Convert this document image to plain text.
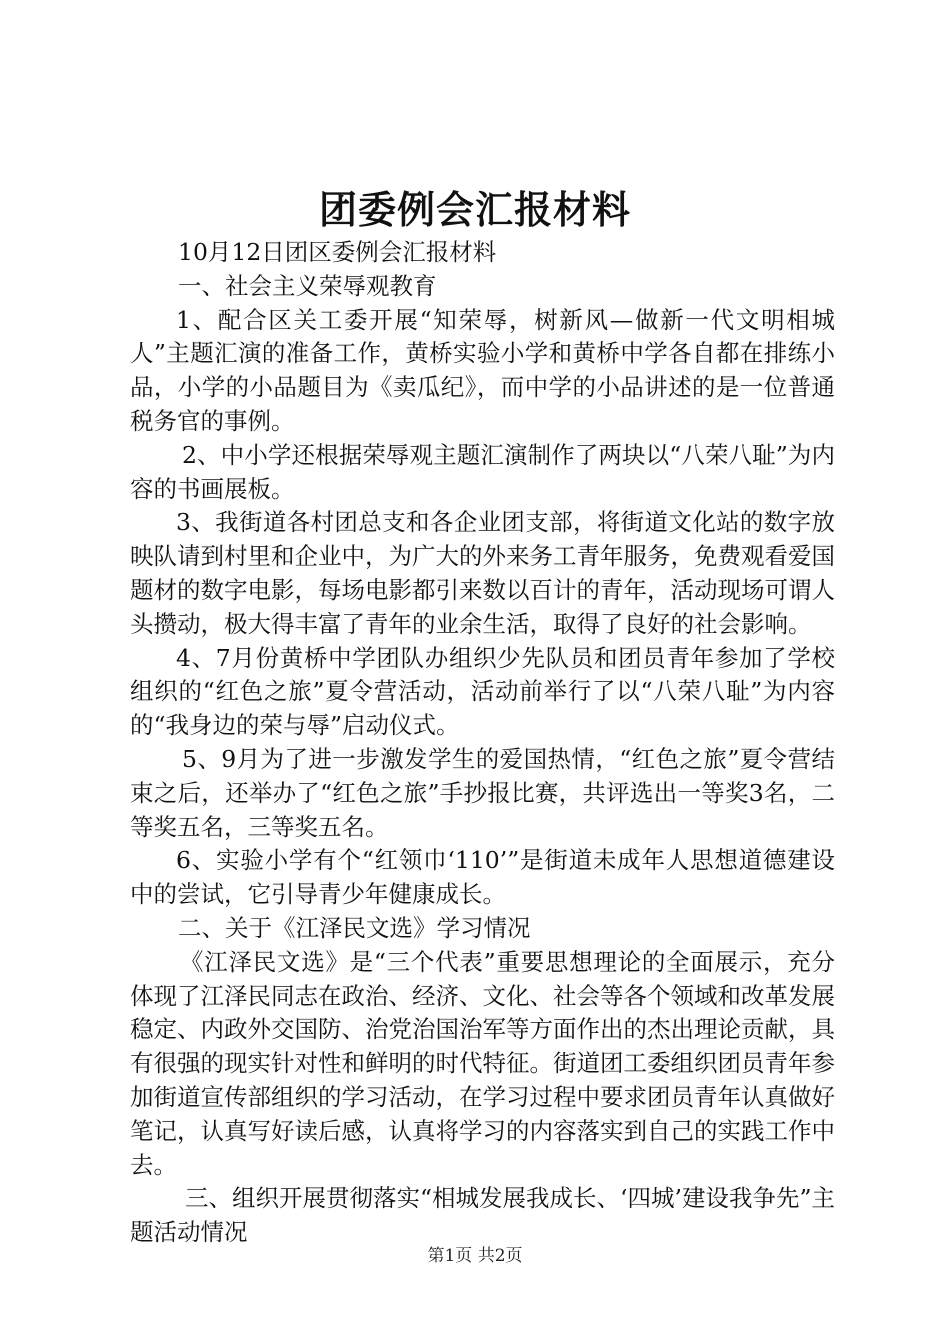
团委例会汇报材料

10月12日团区委例会汇报材料

一、社会主义荣辱观教育

1、配合区关工委开展“知荣辱，树新风—做新一代文明相城人”主题汇演的准备工作，黄桥实验小学和黄桥中学各自都在排练小品，小学的小品题目为《卖瓜纪》，而中学的小品讲述的是一位普通税务官的事例。

2、中小学还根据荣辱观主题汇演制作了两块以“八荣八耻”为内容的书画展板。

3、我街道各村团总支和各企业团支部，将街道文化站的数字放映队请到村里和企业中，为广大的外来务工青年服务，免费观看爱国题材的数字电影，每场电影都引来数以百计的青年，活动现场可谓人头攒动，极大得丰富了青年的业余生活，取得了良好的社会影响。

4、7月份黄桥中学团队办组织少先队员和团员青年参加了学校组织的“红色之旅”夏令营活动，活动前举行了以“八荣八耻”为内容的“我身边的荣与辱”启动仪式。

5、9月为了进一步激发学生的爱国热情，“红色之旅”夏令营结束之后，还举办了“红色之旅”手抄报比赛，共评选出一等奖3名，二等奖五名，三等奖五名。

6、实验小学有个“红领巾‘110’”是街道未成年人思想道德建设中的尝试，它引导青少年健康成长。

二、关于《江泽民文选》学习情况

《江泽民文选》是“三个代表”重要思想理论的全面展示，充分体现了江泽民同志在政治、经济、文化、社会等各个领域和改革发展稳定、内政外交国防、治党治国治军等方面作出的杰出理论贡献，具有很强的现实针对性和鲜明的时代特征。街道团工委组织团员青年参加街道宣传部组织的学习活动，在学习过程中要求团员青年认真做好笔记，认真写好读后感，认真将学习的内容落实到自己的实践工作中去。

三、组织开展贯彻落实“相城发展我成长、‘四城’建设我争先”主题活动情况

第1页 共2页
